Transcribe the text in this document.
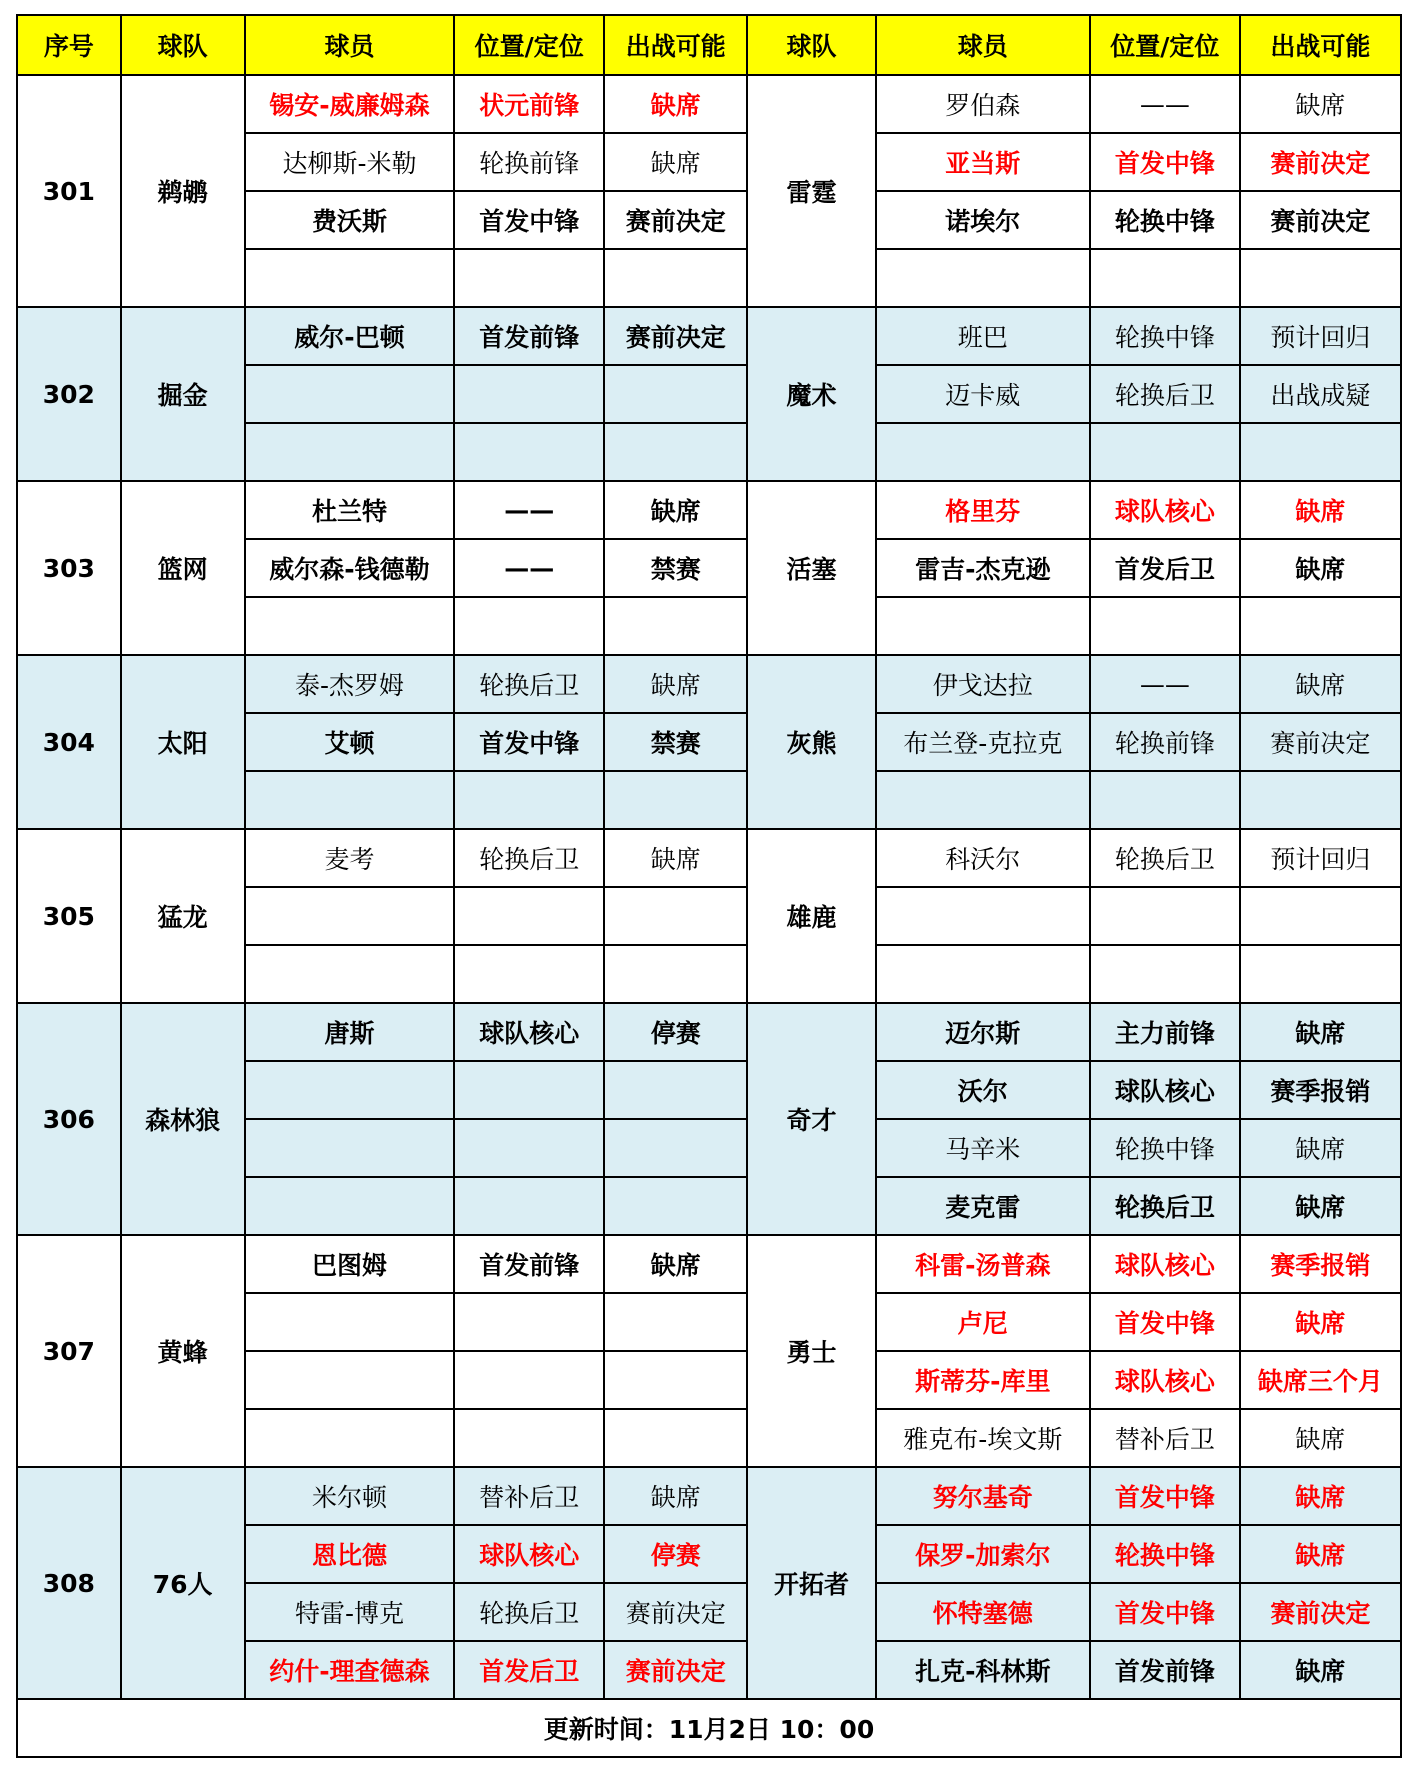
序号	球队	球员	位置/定位	出战可能	球队	球员	位置/定位	出战可能
301	鹈鹕	锡安-威廉姆森	状元前锋	缺席	雷霆	罗伯森	——	缺席
		达柳斯-米勒	轮换前锋	缺席		亚当斯	首发中锋	赛前决定
		费沃斯	首发中锋	赛前决定		诺埃尔	轮换中锋	赛前决定

302	掘金	威尔-巴顿	首发前锋	赛前决定	魔术	班巴	轮换中锋	预计回归
						迈卡威	轮换后卫	出战成疑

303	篮网	杜兰特	——	缺席	活塞	格里芬	球队核心	缺席
		威尔森-钱德勒	——	禁赛		雷吉-杰克逊	首发后卫	缺席

304	太阳	泰-杰罗姆	轮换后卫	缺席	灰熊	伊戈达拉	——	缺席
		艾顿	首发中锋	禁赛		布兰登-克拉克	轮换前锋	赛前决定

305	猛龙	麦考	轮换后卫	缺席	雄鹿	科沃尔	轮换后卫	预计回归

306	森林狼	唐斯	球队核心	停赛	奇才	迈尔斯	主力前锋	缺席
						沃尔	球队核心	赛季报销
						马辛米	轮换中锋	缺席
						麦克雷	轮换后卫	缺席
307	黄蜂	巴图姆	首发前锋	缺席	勇士	科雷-汤普森	球队核心	赛季报销
						卢尼	首发中锋	缺席
						斯蒂芬-库里	球队核心	缺席三个月
						雅克布-埃文斯	替补后卫	缺席
308	76人	米尔顿	替补后卫	缺席	开拓者	努尔基奇	首发中锋	缺席
		恩比德	球队核心	停赛		保罗-加索尔	轮换中锋	缺席
		特雷-博克	轮换后卫	赛前决定		怀特塞德	首发中锋	赛前决定
		约什-理查德森	首发后卫	赛前决定		扎克-科林斯	首发前锋	缺席
更新时间：11月2日 10：00								
